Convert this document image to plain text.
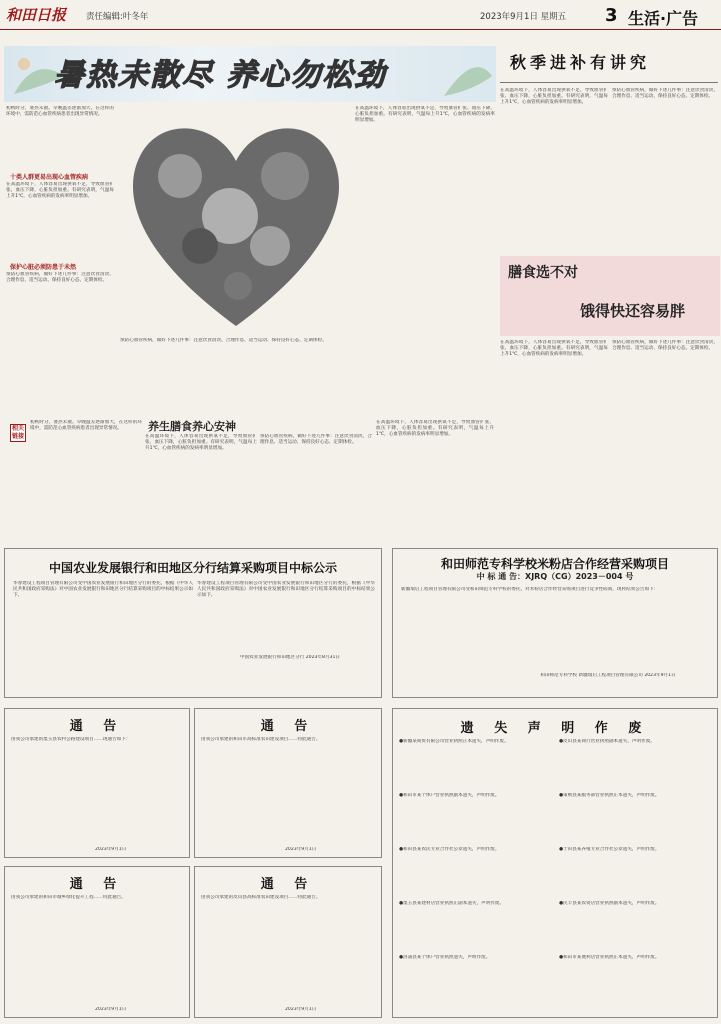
和田日报 责任编辑:叶冬年	2023年9月1日 星期五 3 生活·广告
暑热未散尽 养心勿松劲	秋季进补有讲究
初秋时分，暑热未散。早晚温差逐渐加大，在这样的环境中，需防范心血管疾病患者出现异常情况。
十类人群更易出现心血管疾病
在高温环境下，人体容易出现供氧不足，导致血管扩张、血压下降，心脏负担加重。有研究表明，气温每上升1℃，心血管疾病的发病率明显增加。
保护心脏必须防患于未然
预防心血管疾病，做好下述几件事：注意饮食清淡、合理作息、适当运动、保持良好心态、定期体检。
在高温环境下，人体容易出现供氧不足，导致血管扩张、血压下降，心脏负担加重。有研究表明，气温每上升1℃，心血管疾病的发病率明显增加。
预防心血管疾病，做好下述几件事：注意饮食清淡、合理作息、适当运动、保持良好心态、定期体检。
在高温环境下，人体容易出现供氧不足，导致血管扩张、血压下降，心脏负担加重。有研究表明，气温每上升1℃，心血管疾病的发病率明显增加。
预防心血管疾病，做好下述几件事：注意饮食清淡、合理作息、适当运动、保持良好心态、定期体检。
膳食选不对
饿得快还容易胖
在高温环境下，人体容易出现供氧不足，导致血管扩张、血压下降，心脏负担加重。有研究表明，气温每上升1℃，心血管疾病的发病率明显增加。
预防心血管疾病，做好下述几件事：注意饮食清淡、合理作息、适当运动、保持良好心态、定期体检。
相关链接
养生膳食养心安神
初秋时分，暑热未散。早晚温差逐渐加大，在这样的环境中，需防范心血管疾病患者出现异常情况。
在高温环境下，人体容易出现供氧不足，导致血管扩张、血压下降，心脏负担加重。有研究表明，气温每上升1℃，心血管疾病的发病率明显增加。
预防心血管疾病，做好下述几件事：注意饮食清淡、合理作息、适当运动、保持良好心态、定期体检。
在高温环境下，人体容易出现供氧不足，导致血管扩张、血压下降，心脏负担加重。有研究表明，气温每上升1℃，心血管疾病的发病率明显增加。
中国农业发展银行和田地区分行结算采购项目中标公示
华春建设工程项目管理有限公司受中国农业发展银行和田地区分行的委托，根据《中华人民共和国政府采购法》对中国农业发展银行和田地区分行结算采购项目的中标结果公示如下。
华春建设工程项目管理有限公司受中国农业发展银行和田地区分行的委托，根据《中华人民共和国政府采购法》对中国农业发展银行和田地区分行结算采购项目的中标结果公示如下。
中国农业发展银行和田地区分行 2023年8月31日
和田师范专科学校米粉店合作经营采购项目
中 标 通 告：XJRQ（CG）2023－004 号
新疆瑞启工程项目管理有限公司受和田师范专科学校的委托，对米粉店合作经营采购项目进行竞争性磋商，现将结果公告如下：
和田师范专科学校 新疆瑞启工程项目管理有限公司 2023年9月1日
通 告
由我公司承建的墨玉县农村公路建设项目……现通告如下：
2023年9月1日
通 告
由我公司承建的和田市高标准农田建设项目……特此通告。
2023年9月1日
通 告
由我公司承建的和田市城乡绿化提升工程……特此通告。
2023年9月1日
通 告
由我公司承建的皮山县高标准农田建设项目……特此通告。
2023年9月1日
遗 失 声 明 作 废
●新疆某商贸有限公司营业执照正本遗失，声明作废。
●和田市某个体户营业执照副本遗失，声明作废。
●和田县某农民专业合作社公章遗失，声明作废。
●墨玉县某建材店营业执照正副本遗失，声明作废。
●洛浦县某个体户营业执照遗失，声明作废。
●皮山县某商行营业执照副本遗失，声明作废。
●策勒县某服务部营业执照正本遗失，声明作废。
●于田县某养殖专业合作社公章遗失，声明作废。
●民丰县某农资店营业执照副本遗失，声明作废。
●和田市某便利店营业执照正本遗失，声明作废。
